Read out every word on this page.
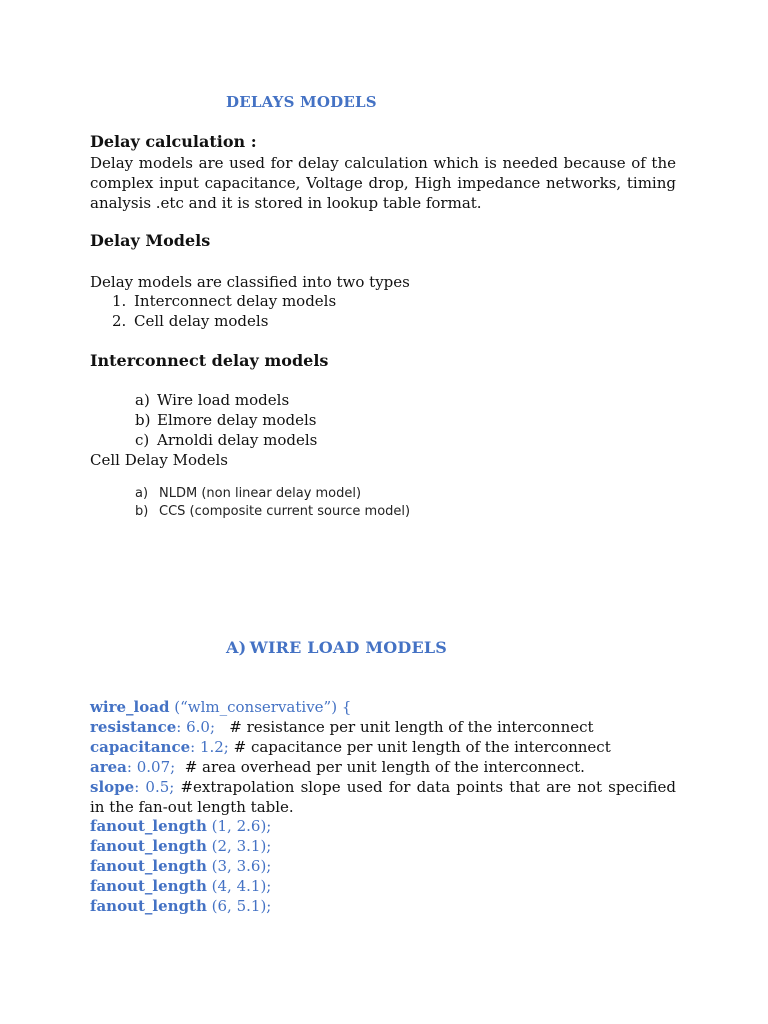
DELAYS MODELS
Delay calculation :
Delay models are used for delay calculation which is needed because of the complex input capacitance, Voltage drop, High impedance networks, timing analysis .etc and it is stored in lookup table format.
Delay Models
Delay models are classified into two types
1. Interconnect delay models
2. Cell delay models
Interconnect delay models
a) Wire load models
b) Elmore delay models
c) Arnoldi delay models
Cell Delay Models
a) NLDM (non linear delay model)
b) CCS (composite current source model)
A) WIRE LOAD MODELS
wire_load (“wlm_conservative”) {
resistance: 6.0;   # resistance per unit length of the interconnect
capacitance: 1.2; # capacitance per unit length of the interconnect
area: 0.07;  # area overhead per unit length of the interconnect.
slope: 0.5; #extrapolation slope used for data points that are not specified in the fan-out length table.
fanout_length (1, 2.6);
fanout_length (2, 3.1);
fanout_length (3, 3.6);
fanout_length (4, 4.1);
fanout_length (6, 5.1);
